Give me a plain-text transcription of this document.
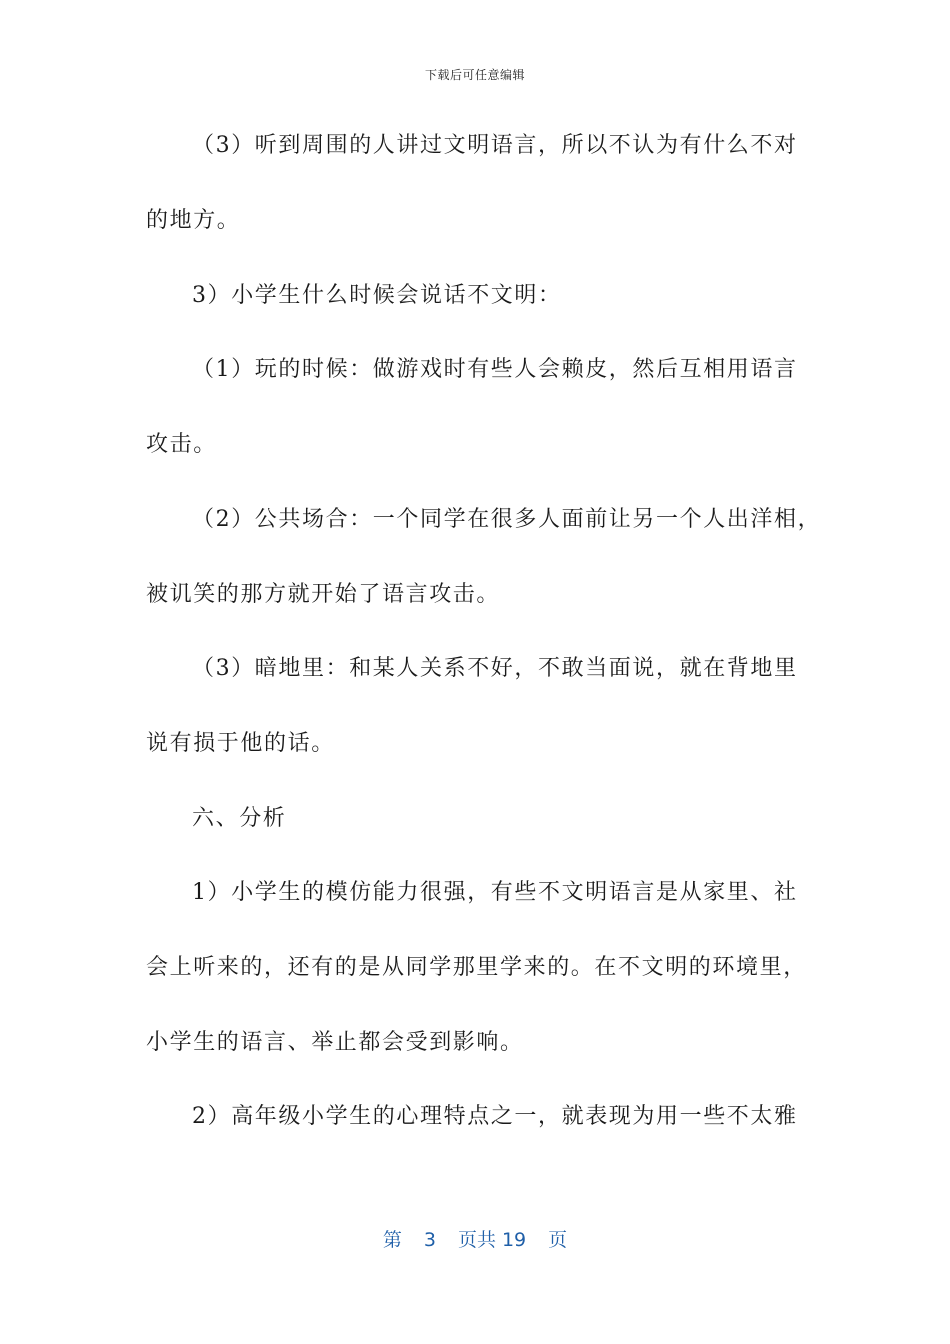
下载后可任意编辑
（3）听到周围的人讲过文明语言，所以不认为有什么不对
的地方。
3）小学生什么时候会说话不文明：
（1）玩的时候：做游戏时有些人会赖皮，然后互相用语言
攻击。
（2）公共场合：一个同学在很多人面前让另一个人出洋相，
被讥笑的那方就开始了语言攻击。
（3）暗地里：和某人关系不好，不敢当面说，就在背地里
说有损于他的话。
六、分析
1）小学生的模仿能力很强，有些不文明语言是从家里、社
会上听来的，还有的是从同学那里学来的。在不文明的环境里，
小学生的语言、举止都会受到影响。
2）高年级小学生的心理特点之一，就表现为用一些不太雅
第 3 页共 19 页
